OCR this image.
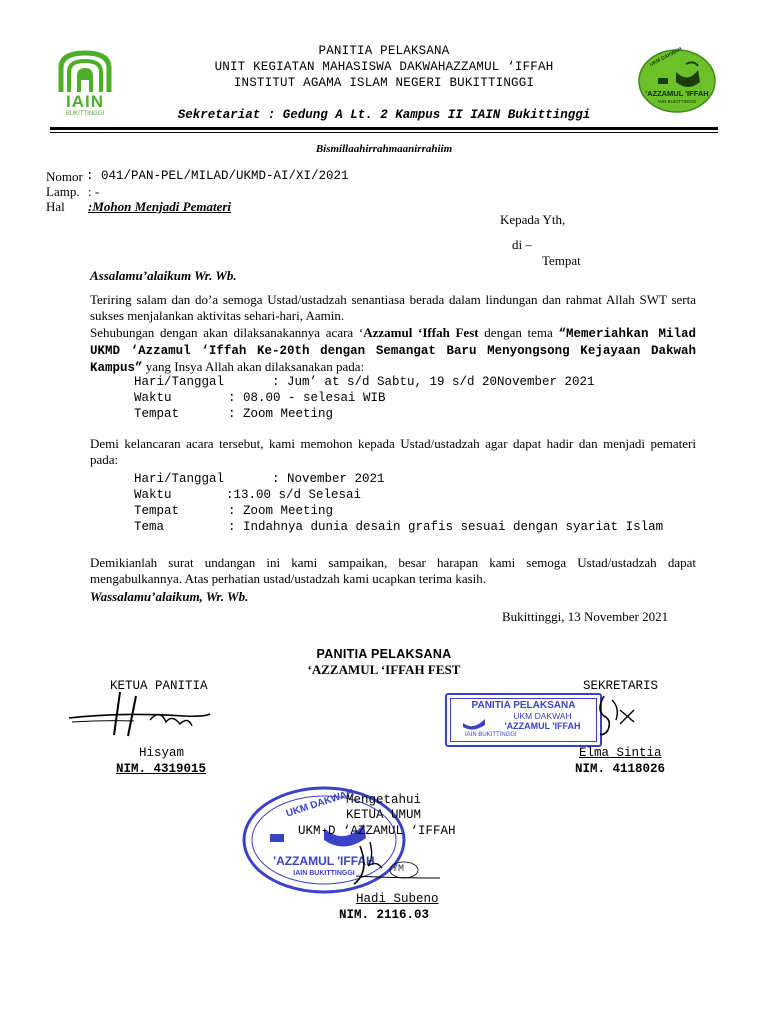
IAIN
BUKITTINGGI
PANITIA PELAKSANA
UNIT KEGIATAN MAHASISWA DAKWAHAZZAMUL ‘IFFAH
INSTITUT AGAMA ISLAM NEGERI BUKITTINGGI
UKM DAKWAH
'AZZAMUL 'IFFAH
IAIN BUKITTINGGI
Sekretariat : Gedung A Lt. 2 Kampus II IAIN Bukittinggi
Bismillaahirrahmaanirrahiim
Nomor : 041/PAN-PEL/MILAD/UKMD-AI/XI/2021
Lamp. : -
Hal :Mohon Menjadi Pemateri
Kepada Yth,
di –
Tempat
Assalamu’alaikum Wr. Wb.
Teriring salam dan do’a semoga Ustad/ustadzah senantiasa berada dalam lindungan dan rahmat Allah SWT serta sukses menjalankan aktivitas sehari-hari, Aamin.
Sehubungan dengan akan dilaksanakannya acara ‘Azzamul ‘Iffah Fest dengan tema “Memeriahkan Milad UKMD ‘Azzamul ‘Iffah Ke-20th dengan Semangat Baru Menyongsong Kejayaan Dakwah Kampus” yang Insya Allah akan dilaksanakan pada:
Hari/Tanggal	: Jum’ at s/d Sabtu, 19 s/d 20November 2021
Waktu	: 08.00 - selesai WIB
Tempat	: Zoom Meeting
Demi kelancaran acara tersebut, kami memohon kepada Ustad/ustadzah agar dapat hadir dan menjadi pemateri pada:
Hari/Tanggal	: November 2021
Waktu	:13.00 s/d Selesai
Tempat	: Zoom Meeting
Tema	: Indahnya dunia desain grafis sesuai dengan syariat Islam
Demikianlah surat undangan ini kami sampaikan, besar harapan kami semoga Ustad/ustadzah dapat mengabulkannya. Atas perhatian ustad/ustadzah kami ucapkan terima kasih.
Wassalamu’alaikum, Wr. Wb.
Bukittinggi, 13 November 2021
PANITIA PELAKSANA
‘AZZAMUL ‘IFFAH FEST
KETUA PANITIA	SEKRETARIS
PANITIA PELAKSANA
UKM DAKWAH
'AZZAMUL 'IFFAH
IAIN BUKITTINGGI
Hisyam
NIM. 4319015
Elma Sintia
NIM. 4118026
UKM DAKWAH
'AZZAMUL 'IFFAH
IAIN BUKITTINGGI
Mengetahui
KETUA UMUM
UKM-D ‘AZZAMUL ‘IFFAH
YM
Hadi Subeno
NIM. 2116.03
